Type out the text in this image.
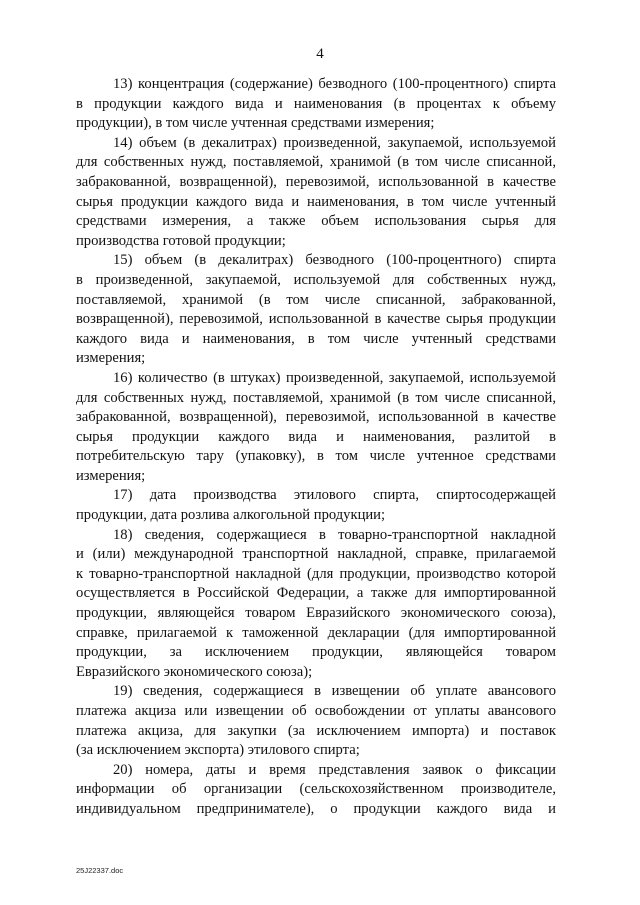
4
13) концентрация (содержание) безводного (100-процентного) спирта
в продукции каждого вида и наименования (в процентах к объему
продукции), в том числе учтенная средствами измерения;
14) объем (в декалитрах) произведенной, закупаемой, используемой
для собственных нужд, поставляемой, хранимой (в том числе списанной,
забракованной, возвращенной), перевозимой, использованной в качестве
сырья продукции каждого вида и наименования, в том числе учтенный
средствами измерения, а также объем использования сырья для
производства готовой продукции;
15) объем (в декалитрах) безводного (100-процентного) спирта
в произведенной, закупаемой, используемой для собственных нужд,
поставляемой, хранимой (в том числе списанной, забракованной,
возвращенной), перевозимой, использованной в качестве сырья продукции
каждого вида и наименования, в том числе учтенный средствами
измерения;
16) количество (в штуках) произведенной, закупаемой, используемой
для собственных нужд, поставляемой, хранимой (в том числе списанной,
забракованной, возвращенной), перевозимой, использованной в качестве
сырья продукции каждого вида и наименования, разлитой в
потребительскую тару (упаковку), в том числе учтенное средствами
измерения;
17) дата производства этилового спирта, спиртосодержащей
продукции, дата розлива алкогольной продукции;
18) сведения, содержащиеся в товарно-транспортной накладной
и (или) международной транспортной накладной, справке, прилагаемой
к товарно-транспортной накладной (для продукции, производство которой
осуществляется в Российской Федерации, а также для импортированной
продукции, являющейся товаром Евразийского экономического союза),
справке, прилагаемой к таможенной декларации (для импортированной
продукции, за исключением продукции, являющейся товаром
Евразийского экономического союза);
19) сведения, содержащиеся в извещении об уплате авансового
платежа акциза или извещении об освобождении от уплаты авансового
платежа акциза, для закупки (за исключением импорта) и поставок
(за исключением экспорта) этилового спирта;
20) номера, даты и время представления заявок о фиксации
информации об организации (сельскохозяйственном производителе,
индивидуальном предпринимателе), о продукции каждого вида и
25J22337.doc
